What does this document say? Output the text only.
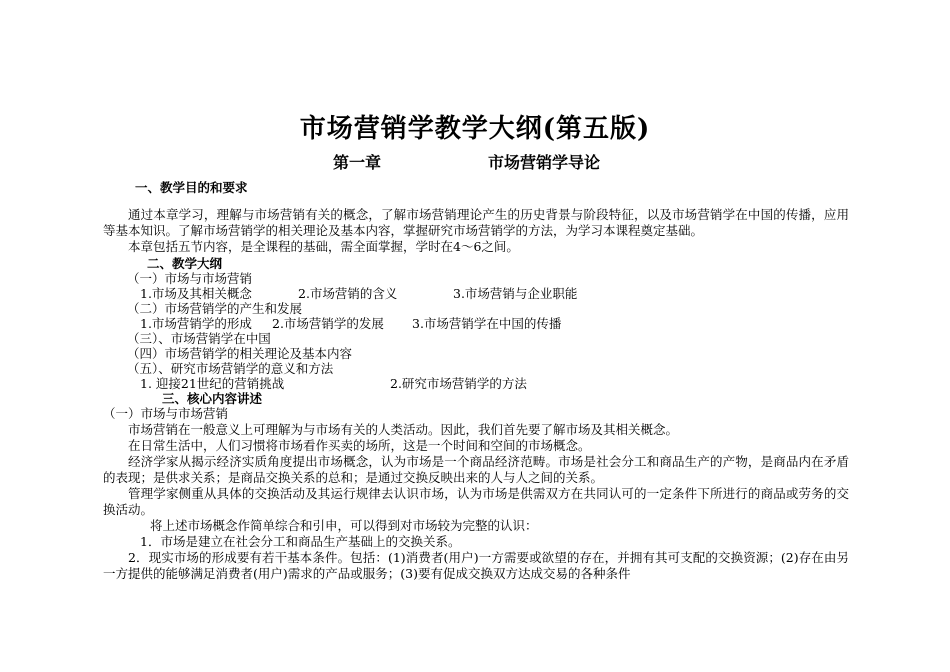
市场营销学教学大纲(第五版)
第一章	市场营销学导论
一、教学目的和要求
通过本章学习，理解与市场营销有关的概念，了解市场营销理论产生的历史背景与阶段特征，以及市场营销学在中国的传播，应用等基本知识。了解市场营销学的相关理论及基本内容，掌握研究市场营销学的方法，为学习本课程奠定基础。
本章包括五节内容，是全课程的基础，需全面掌握，学时在4～6之间。
二、教学大纲
（一）市场与市场营销
1.市场及其相关概念	2.市场营销的含义	3.市场营销与企业职能
（二）市场营销学的产生和发展
1.市场营销学的形成 2.市场营销学的发展 3.市场营销学在中国的传播
（三）、市场营销学在中国
（四）市场营销学的相关理论及基本内容
（五）、研究市场营销学的意义和方法
1. 迎接21世纪的营销挑战	2.研究市场营销学的方法
三、核心内容讲述
（一）市场与市场营销
市场营销在一般意义上可理解为与市场有关的人类活动。因此，我们首先要了解市场及其相关概念。
在日常生活中，人们习惯将市场看作买卖的场所，这是一个时间和空间的市场概念。
经济学家从揭示经济实质角度提出市场概念，认为市场是一个商品经济范畴。市场是社会分工和商品生产的产物，是商品内在矛盾的表现；是供求关系；是商品交换关系的总和；是通过交换反映出来的人与人之间的关系。
管理学家侧重从具体的交换活动及其运行规律去认识市场，认为市场是供需双方在共同认可的一定条件下所进行的商品或劳务的交换活动。
将上述市场概念作简单综合和引申，可以得到对市场较为完整的认识：
1．市场是建立在社会分工和商品生产基础上的交换关系。
2．现实市场的形成要有若干基本条件。包括：(1)消费者(用户)一方需要或欲望的存在，并拥有其可支配的交换资源；(2)存在由另一方提供的能够满足消费者(用户)需求的产品或服务；(3)要有促成交换双方达成交易的各种条件
